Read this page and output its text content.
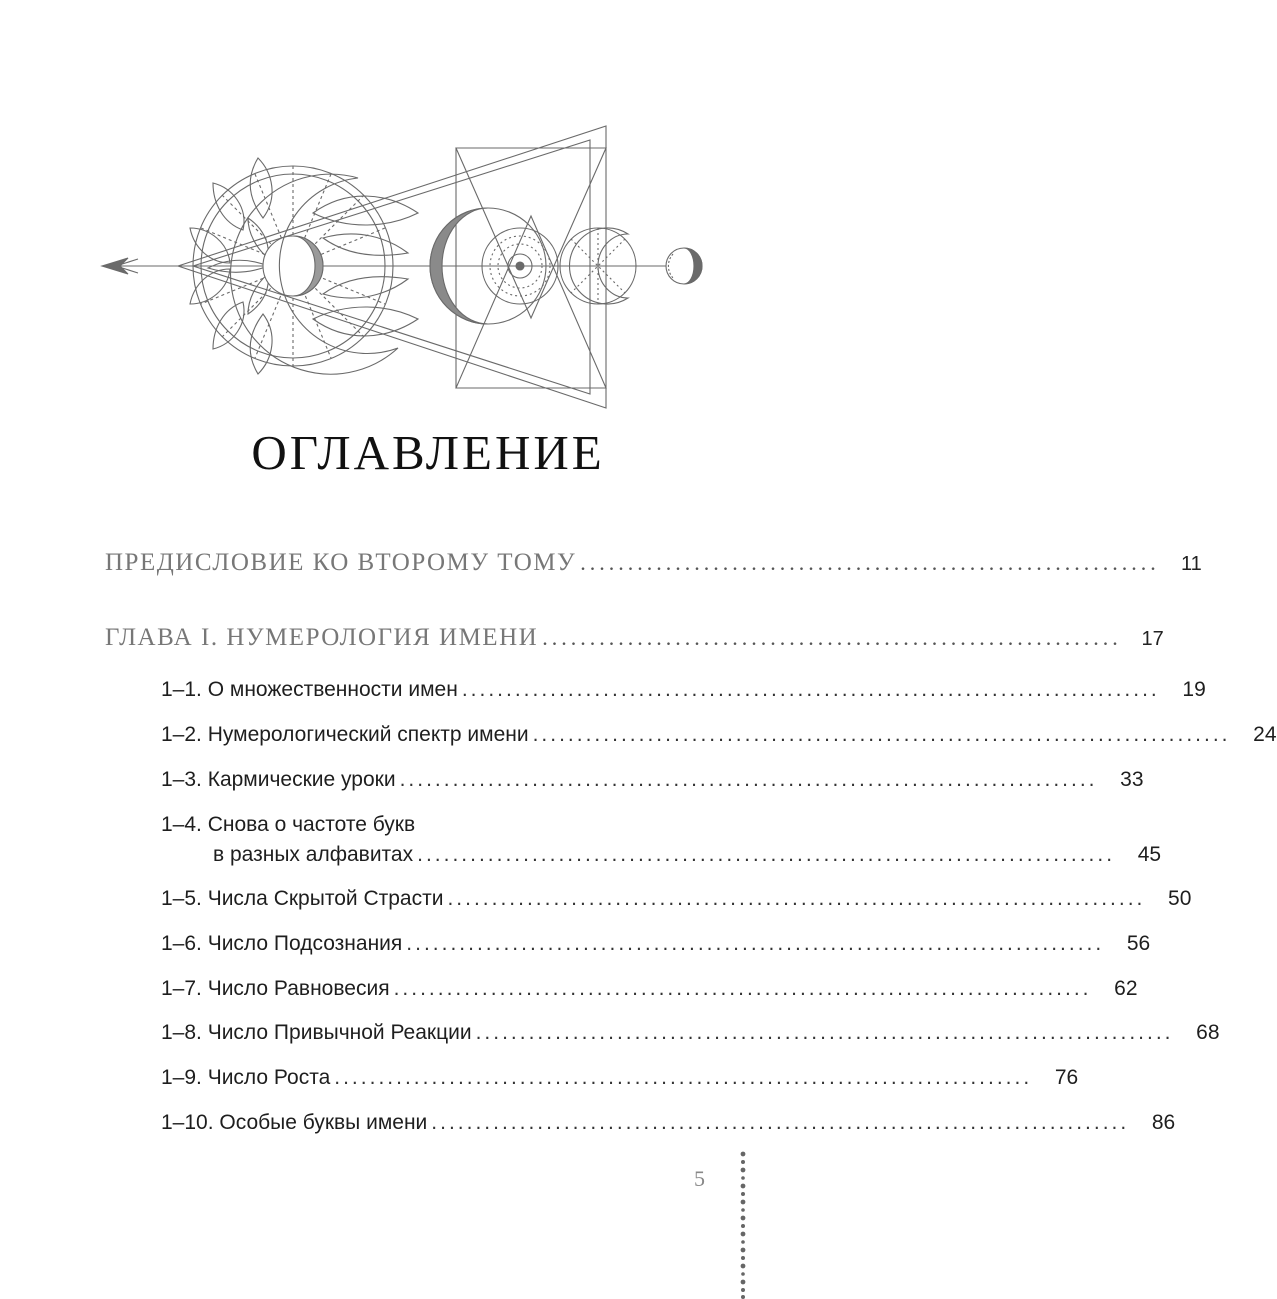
ОГЛАВЛЕНИЕ
ПРЕДИСЛОВИЕ КО ВТОРОМУ ТОМУ .............................................................	11
ГЛАВА I. НУМЕРОЛОГИЯ ИМЕНИ ............................................................. 17
1–1. О множественности имен ...............................................................................	19
1–2. Нумерологический спектр имени ...............................................................................	24
1–3. Кармические уроки ...............................................................................	33
1–4. Снова о частоте букв
в разных алфавитах ...............................................................................	45
1–5. Числа Скрытой Страсти ...............................................................................	50
1–6. Число Подсознания ...............................................................................	56
1–7. Число Равновесия ...............................................................................	62
1–8. Число Привычной Реакции ...............................................................................	68
1–9. Число Роста ...............................................................................	76
1–10. Особые буквы имени ...............................................................................	86
5
